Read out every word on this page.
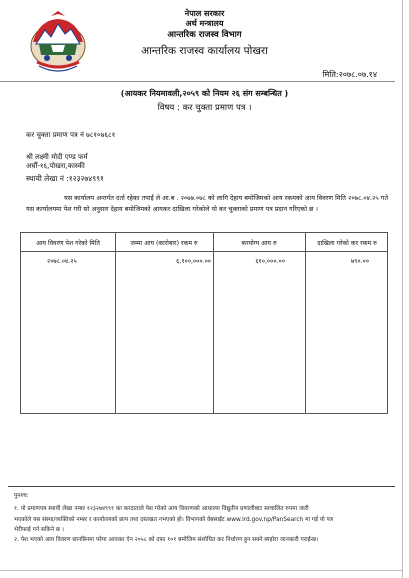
नेपाल सरकार
अर्थ मन्त्रालय
आन्तरिक राजस्व विभाग
आन्तरिक राजस्व कार्यालय पोखरा
मिति:२०७८.०७.१४
(आयकर नियमावली,२०५९ को नियम २६ संग सम्बन्धित )
विषय : कर चुक्ता प्रमाण पत्र ।
कर चुक्ता प्रमाण पत्र नं ७८१०७६८१
श्री लक्ष्मी मोदी एण्ड फर्म
अर्घौं-१६,पोखरा,कास्की
स्थायी लेखा नं :१२३२७४९९१

यस कार्यालय अन्तर्गत दर्ता रहेका तपाईं ले आ.ब . २०७७.०७८ को लागि देहाय बमोजिमको आय रकमको आय विवरण मिति २०७८.०४.२५ गते यस कार्यालयमा पेश गरी सो अनुसार देहाय बमोजिमको आयकर दाखिला गरेकोले यो कर चुक्ताको प्रमाण पत्र प्रदान गरिएको छ ।

आय विवरण पेश गरेको मिति	जम्मा आय (कारोबार) रकम रु	करयोग्य आय रु	दाखिला गरेको कर रकम रु
२०७८.०४.२५	६,१००,०००.००	६१०,०००.००	७९०.००
पुनश्च:
१. यो प्रमाणपत्र स्थायी लेखा नम्बर १२३२७४९९१ का करदाताले पेश गरेको आय विवरणको आधारमा विद्युतीय प्रणालीबाट स्वचालित रुपमा जारी
भएकोले यस संस्था/व्यक्तिको नम्बर र कार्यालयको छाप तथा दस्तखत नभएको हो। विभागको वेबसाईट www.ird.gov.np/PanSearch मा गई यो पत्र
भेरीफाई गर्न सकिने छ ।
२. पेश भएको आय विवरण छानबिनमा परेमा आयकर ऐन २०५८ को दफा १०१ बमोजिम संशोधित कर निर्धारण हुन सक्ने ब्यहोरा जानकारी गराईन्छ।
